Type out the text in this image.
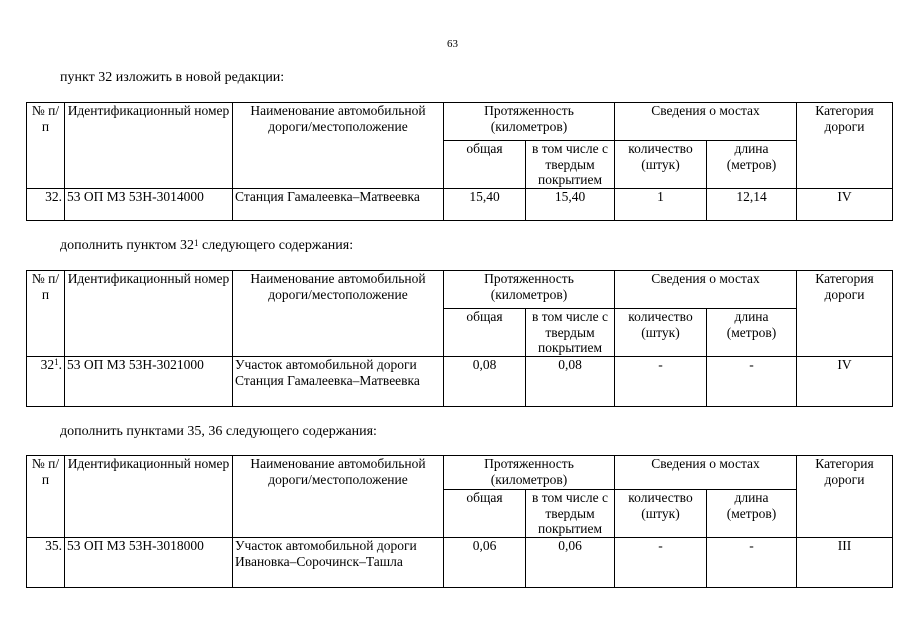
63
пункт 32 изложить в новой редакции:
№ п/п	Идентификационный номер	Наименование автомобильной дороги/местоположение	Протяженность (километров)		Сведения о мостах		Категория дороги
			общая	в том числе с твердым покрытием	количество (штук)	длина (метров)	
32.	53 ОП МЗ 53Н-3014000	Станция Гамалеевка–Матвеевка	15,40	15,40	1	12,14	IV
дополнить пунктом $32^1$ следующего содержания:
№ п/п	Идентификационный номер	Наименование автомобильной дороги/местоположение	Протяженность (километров)		Сведения о мостах		Категория дороги
			общая	в том числе с твердым покрытием	количество (штук)	длина (метров)	
$32^1$.	53 ОП МЗ 53Н-3021000	Участок автомобильной дороги Станция Гамалеевка–Матвеевка	0,08	0,08	-	-	IV
дополнить пунктами 35, 36 следующего содержания:
№ п/п	Идентификационный номер	Наименование автомобильной дороги/местоположение	Протяженность (километров)		Сведения о мостах		Категория дороги
			общая	в том числе с твердым покрытием	количество (штук)	длина (метров)	
35.	53 ОП МЗ 53Н-3018000	Участок автомобильной дороги Ивановка–Сорочинск–Ташла	0,06	0,06	-	-	III
